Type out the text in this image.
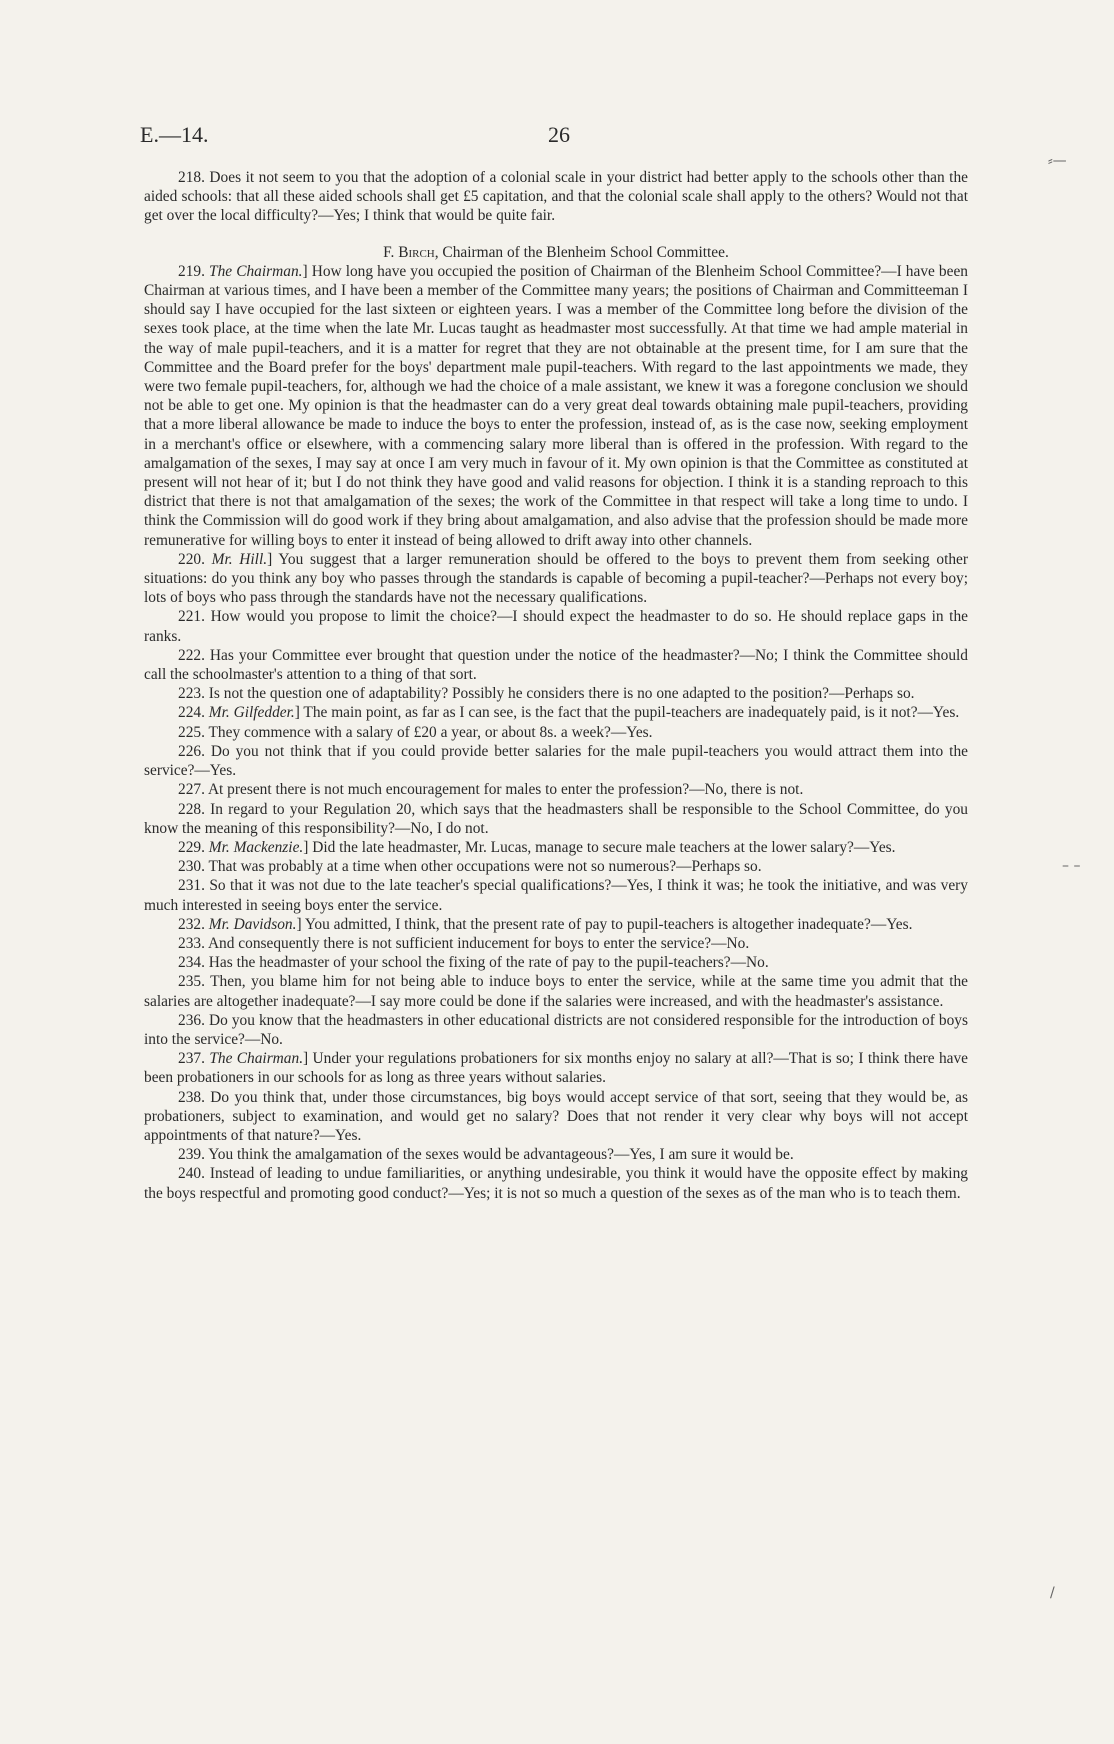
E.—14.	26
⸗—
– –
/

218. Does it not seem to you that the adoption of a colonial scale in your district had better apply to the schools other than the aided schools: that all these aided schools shall get £5 capitation, and that the colonial scale shall apply to the others? Would not that get over the local difficulty?—Yes; I think that would be quite fair.

F. Birch, Chairman of the Blenheim School Committee.

219. The Chairman.] How long have you occupied the position of Chairman of the Blenheim School Committee?—I have been Chairman at various times, and I have been a member of the Committee many years; the positions of Chairman and Committeeman I should say I have occupied for the last sixteen or eighteen years. I was a member of the Committee long before the division of the sexes took place, at the time when the late Mr. Lucas taught as headmaster most successfully. At that time we had ample material in the way of male pupil-teachers, and it is a matter for regret that they are not obtainable at the present time, for I am sure that the Committee and the Board prefer for the boys' department male pupil-teachers. With regard to the last appointments we made, they were two female pupil-teachers, for, although we had the choice of a male assistant, we knew it was a foregone conclusion we should not be able to get one. My opinion is that the headmaster can do a very great deal towards obtaining male pupil-teachers, providing that a more liberal allowance be made to induce the boys to enter the profession, instead of, as is the case now, seeking employment in a merchant's office or elsewhere, with a commencing salary more liberal than is offered in the profession. With regard to the amalgamation of the sexes, I may say at once I am very much in favour of it. My own opinion is that the Committee as constituted at present will not hear of it; but I do not think they have good and valid reasons for objection. I think it is a standing reproach to this district that there is not that amalgamation of the sexes; the work of the Committee in that respect will take a long time to undo. I think the Commission will do good work if they bring about amalgamation, and also advise that the profession should be made more remunerative for willing boys to enter it instead of being allowed to drift away into other channels.

220. Mr. Hill.] You suggest that a larger remuneration should be offered to the boys to prevent them from seeking other situations: do you think any boy who passes through the standards is capable of becoming a pupil-teacher?—Perhaps not every boy; lots of boys who pass through the standards have not the necessary qualifications.

221. How would you propose to limit the choice?—I should expect the headmaster to do so. He should replace gaps in the ranks.

222. Has your Committee ever brought that question under the notice of the headmaster?—No; I think the Committee should call the schoolmaster's attention to a thing of that sort.

223. Is not the question one of adaptability? Possibly he considers there is no one adapted to the position?—Perhaps so.

224. Mr. Gilfedder.] The main point, as far as I can see, is the fact that the pupil-teachers are inadequately paid, is it not?—Yes.

225. They commence with a salary of £20 a year, or about 8s. a week?—Yes.

226. Do you not think that if you could provide better salaries for the male pupil-teachers you would attract them into the service?—Yes.

227. At present there is not much encouragement for males to enter the profession?—No, there is not.

228. In regard to your Regulation 20, which says that the headmasters shall be responsible to the School Committee, do you know the meaning of this responsibility?—No, I do not.

229. Mr. Mackenzie.] Did the late headmaster, Mr. Lucas, manage to secure male teachers at the lower salary?—Yes.

230. That was probably at a time when other occupations were not so numerous?—Perhaps so.

231. So that it was not due to the late teacher's special qualifications?—Yes, I think it was; he took the initiative, and was very much interested in seeing boys enter the service.

232. Mr. Davidson.] You admitted, I think, that the present rate of pay to pupil-teachers is altogether inadequate?—Yes.

233. And consequently there is not sufficient inducement for boys to enter the service?—No.

234. Has the headmaster of your school the fixing of the rate of pay to the pupil-teachers?—No.

235. Then, you blame him for not being able to induce boys to enter the service, while at the same time you admit that the salaries are altogether inadequate?—I say more could be done if the salaries were increased, and with the headmaster's assistance.

236. Do you know that the headmasters in other educational districts are not considered responsible for the introduction of boys into the service?—No.

237. The Chairman.] Under your regulations probationers for six months enjoy no salary at all?—That is so; I think there have been probationers in our schools for as long as three years without salaries.

238. Do you think that, under those circumstances, big boys would accept service of that sort, seeing that they would be, as probationers, subject to examination, and would get no salary? Does that not render it very clear why boys will not accept appointments of that nature?—Yes.

239. You think the amalgamation of the sexes would be advantageous?—Yes, I am sure it would be.

240. Instead of leading to undue familiarities, or anything undesirable, you think it would have the opposite effect by making the boys respectful and promoting good conduct?—Yes; it is not so much a question of the sexes as of the man who is to teach them.
